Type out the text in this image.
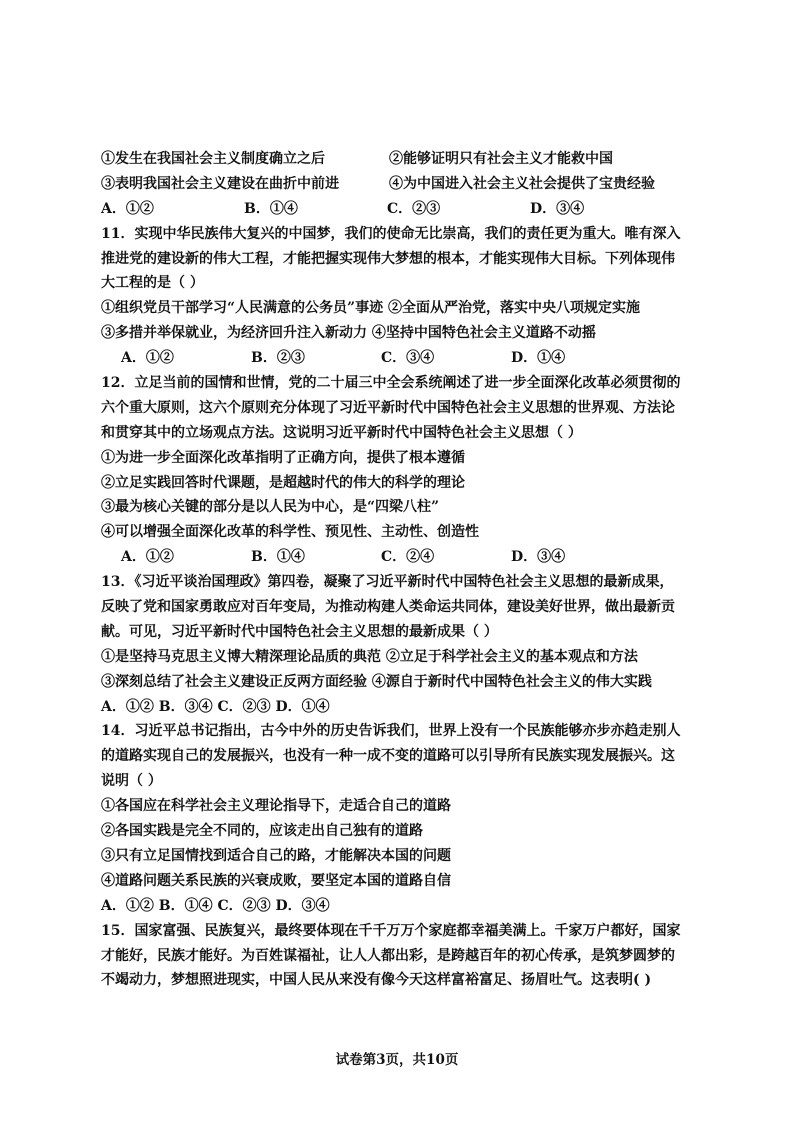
①发生在我国社会主义制度确立之后	②能够证明只有社会主义才能救中国
③表明我国社会主义建设在曲折中前进	④为中国进入社会主义社会提供了宝贵经验
A．①②	B．①④	C．②③	D．③④
11．实现中华民族伟大复兴的中国梦，我们的使命无比崇高，我们的责任更为重大。唯有深入
推进党的建设新的伟大工程，才能把握实现伟大梦想的根本，才能实现伟大目标。下列体现伟
大工程的是（ ）
①组织党员干部学习“人民满意的公务员”事迹 ②全面从严治党，落实中央八项规定实施
③多措并举保就业，为经济回升注入新动力 ④坚持中国特色社会主义道路不动摇
A．①②	B．②③	C．③④	D．①④
12．立足当前的国情和世情，党的二十届三中全会系统阐述了进一步全面深化改革必须贯彻的
六个重大原则，这六个原则充分体现了习近平新时代中国特色社会主义思想的世界观、方法论
和贯穿其中的立场观点方法。这说明习近平新时代中国特色社会主义思想（ ）
①为进一步全面深化改革指明了正确方向，提供了根本遵循
②立足实践回答时代课题，是超越时代的伟大的科学的理论
③最为核心关键的部分是以人民为中心，是“四梁八柱”
④可以增强全面深化改革的科学性、预见性、主动性、创造性
A．①②	B．①④	C．②④	D．③④
13．《习近平谈治国理政》第四卷，凝聚了习近平新时代中国特色社会主义思想的最新成果，
反映了党和国家勇敢应对百年变局，为推动构建人类命运共同体，建设美好世界，做出最新贡
献。可见，习近平新时代中国特色社会主义思想的最新成果（ ）
①是坚持马克思主义博大精深理论品质的典范 ②立足于科学社会主义的基本观点和方法
③深刻总结了社会主义建设正反两方面经验 ④源自于新时代中国特色社会主义的伟大实践
A．①② B．③④ C．②③ D．①④
14．习近平总书记指出，古今中外的历史告诉我们，世界上没有一个民族能够亦步亦趋走别人
的道路实现自己的发展振兴，也没有一种一成不变的道路可以引导所有民族实现发展振兴。这
说明（ ）
①各国应在科学社会主义理论指导下，走适合自己的道路
②各国实践是完全不同的，应该走出自己独有的道路
③只有立足国情找到适合自己的路，才能解决本国的问题
④道路问题关系民族的兴衰成败，要坚定本国的道路自信
A．①② B．①④ C．②③ D．③④
15．国家富强、民族复兴，最终要体现在千千万万个家庭都幸福美满上。千家万户都好，国家
才能好，民族才能好。为百姓谋福祉，让人人都出彩，是跨越百年的初心传承，是筑梦圆梦的
不竭动力，梦想照进现实，中国人民从来没有像今天这样富裕富足、扬眉吐气。这表明( )
试卷第3页，共10页
